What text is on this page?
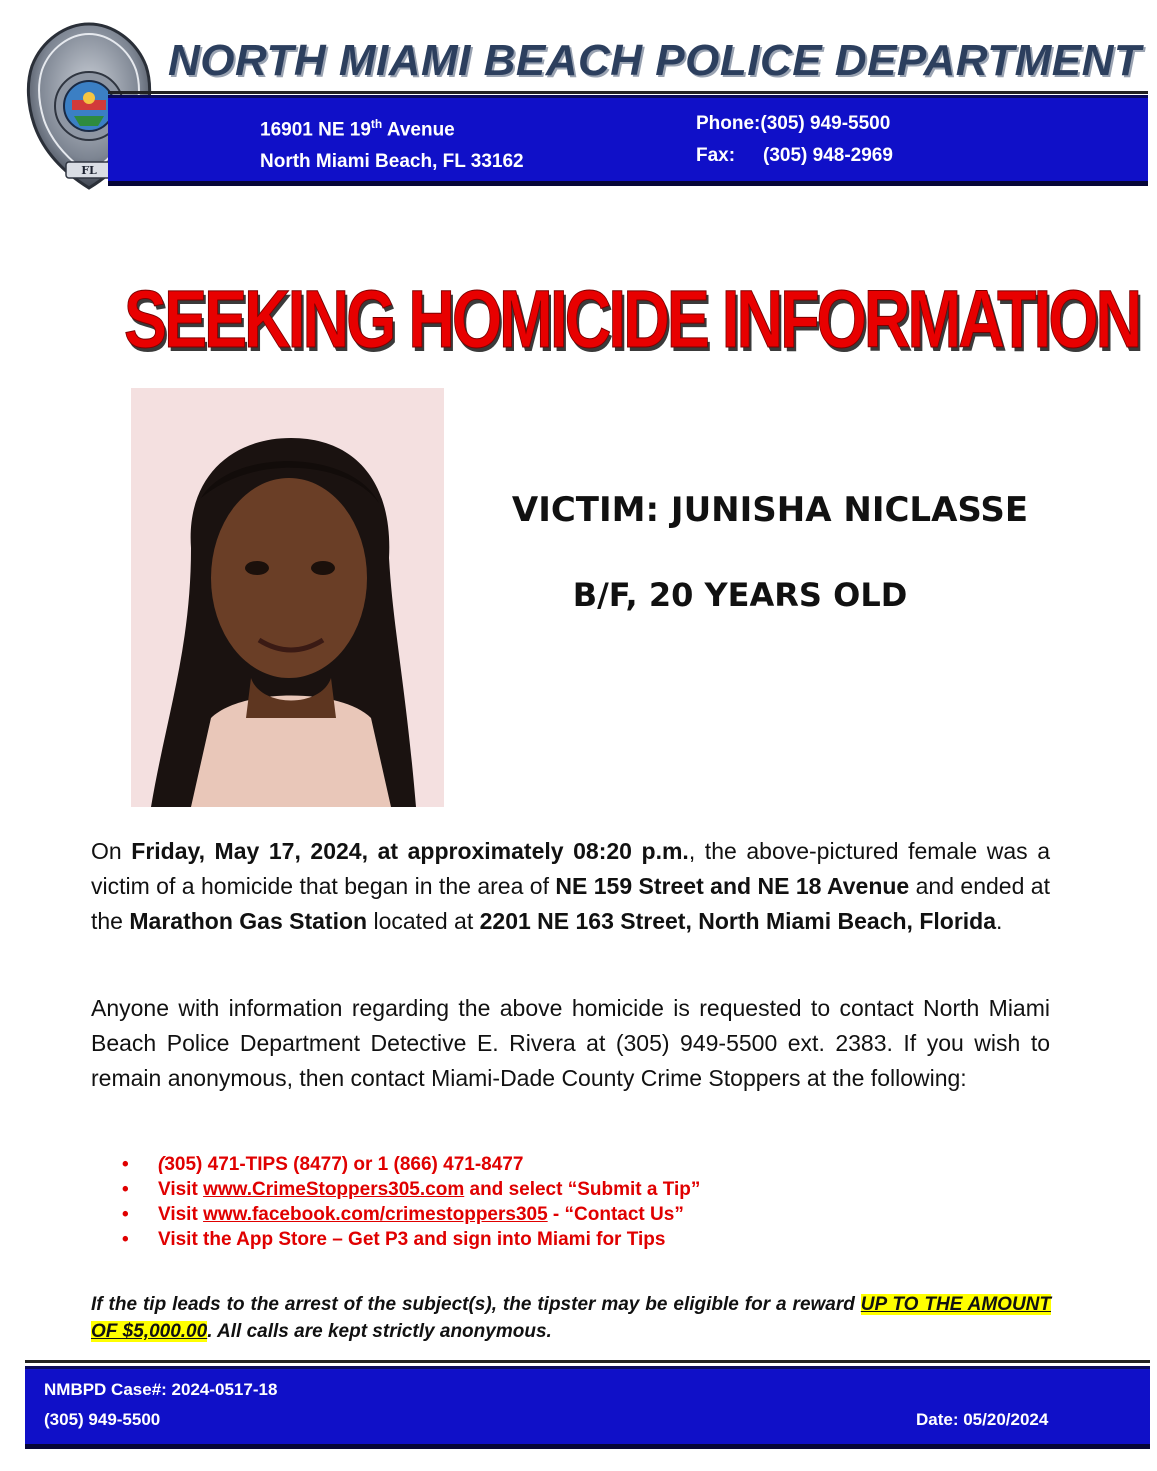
FL
NORTH MIAMI BEACH POLICE DEPARTMENT
16901 NE 19th Avenue
North Miami Beach, FL 33162
Phone:(305) 949-5500
Fax: (305) 948-2969
SEEKING HOMICIDE INFORMATION
VICTIM: JUNISHA NICLASSE
B/F, 20 YEARS OLD
On Friday, May 17, 2024, at approximately 08:20 p.m., the above-pictured female was a victim of a homicide that began in the area of NE 159 Street and NE 18 Avenue and ended at the Marathon Gas Station located at 2201 NE 163 Street, North Miami Beach, Florida.
Anyone with information regarding the above homicide is requested to contact North Miami Beach Police Department Detective E. Rivera at (305) 949-5500 ext. 2383. If you wish to remain anonymous, then contact Miami-Dade County Crime Stoppers at the following:
• (305) 471-TIPS (8477) or 1 (866) 471-8477
• Visit www.CrimeStoppers305.com and select “Submit a Tip”
• Visit www.facebook.com/crimestoppers305 - “Contact Us”
• Visit the App Store – Get P3 and sign into Miami for Tips
If the tip leads to the arrest of the subject(s), the tipster may be eligible for a reward UP TO THE AMOUNT OF $5,000.00. All calls are kept strictly anonymous.
NMBPD Case#: 2024-0517-18
(305) 949-5500	Date: 05/20/2024
